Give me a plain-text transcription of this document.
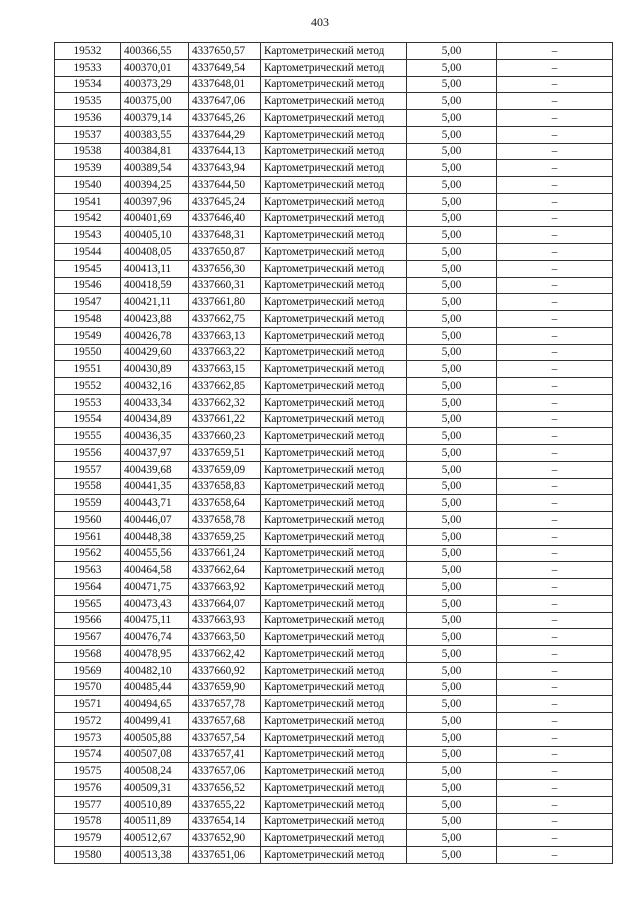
403
19532	400366,55	4337650,57	Картометрический метод	5,00	–
19533	400370,01	4337649,54	Картометрический метод	5,00	–
19534	400373,29	4337648,01	Картометрический метод	5,00	–
19535	400375,00	4337647,06	Картометрический метод	5,00	–
19536	400379,14	4337645,26	Картометрический метод	5,00	–
19537	400383,55	4337644,29	Картометрический метод	5,00	–
19538	400384,81	4337644,13	Картометрический метод	5,00	–
19539	400389,54	4337643,94	Картометрический метод	5,00	–
19540	400394,25	4337644,50	Картометрический метод	5,00	–
19541	400397,96	4337645,24	Картометрический метод	5,00	–
19542	400401,69	4337646,40	Картометрический метод	5,00	–
19543	400405,10	4337648,31	Картометрический метод	5,00	–
19544	400408,05	4337650,87	Картометрический метод	5,00	–
19545	400413,11	4337656,30	Картометрический метод	5,00	–
19546	400418,59	4337660,31	Картометрический метод	5,00	–
19547	400421,11	4337661,80	Картометрический метод	5,00	–
19548	400423,88	4337662,75	Картометрический метод	5,00	–
19549	400426,78	4337663,13	Картометрический метод	5,00	–
19550	400429,60	4337663,22	Картометрический метод	5,00	–
19551	400430,89	4337663,15	Картометрический метод	5,00	–
19552	400432,16	4337662,85	Картометрический метод	5,00	–
19553	400433,34	4337662,32	Картометрический метод	5,00	–
19554	400434,89	4337661,22	Картометрический метод	5,00	–
19555	400436,35	4337660,23	Картометрический метод	5,00	–
19556	400437,97	4337659,51	Картометрический метод	5,00	–
19557	400439,68	4337659,09	Картометрический метод	5,00	–
19558	400441,35	4337658,83	Картометрический метод	5,00	–
19559	400443,71	4337658,64	Картометрический метод	5,00	–
19560	400446,07	4337658,78	Картометрический метод	5,00	–
19561	400448,38	4337659,25	Картометрический метод	5,00	–
19562	400455,56	4337661,24	Картометрический метод	5,00	–
19563	400464,58	4337662,64	Картометрический метод	5,00	–
19564	400471,75	4337663,92	Картометрический метод	5,00	–
19565	400473,43	4337664,07	Картометрический метод	5,00	–
19566	400475,11	4337663,93	Картометрический метод	5,00	–
19567	400476,74	4337663,50	Картометрический метод	5,00	–
19568	400478,95	4337662,42	Картометрический метод	5,00	–
19569	400482,10	4337660,92	Картометрический метод	5,00	–
19570	400485,44	4337659,90	Картометрический метод	5,00	–
19571	400494,65	4337657,78	Картометрический метод	5,00	–
19572	400499,41	4337657,68	Картометрический метод	5,00	–
19573	400505,88	4337657,54	Картометрический метод	5,00	–
19574	400507,08	4337657,41	Картометрический метод	5,00	–
19575	400508,24	4337657,06	Картометрический метод	5,00	–
19576	400509,31	4337656,52	Картометрический метод	5,00	–
19577	400510,89	4337655,22	Картометрический метод	5,00	–
19578	400511,89	4337654,14	Картометрический метод	5,00	–
19579	400512,67	4337652,90	Картометрический метод	5,00	–
19580	400513,38	4337651,06	Картометрический метод	5,00	–
